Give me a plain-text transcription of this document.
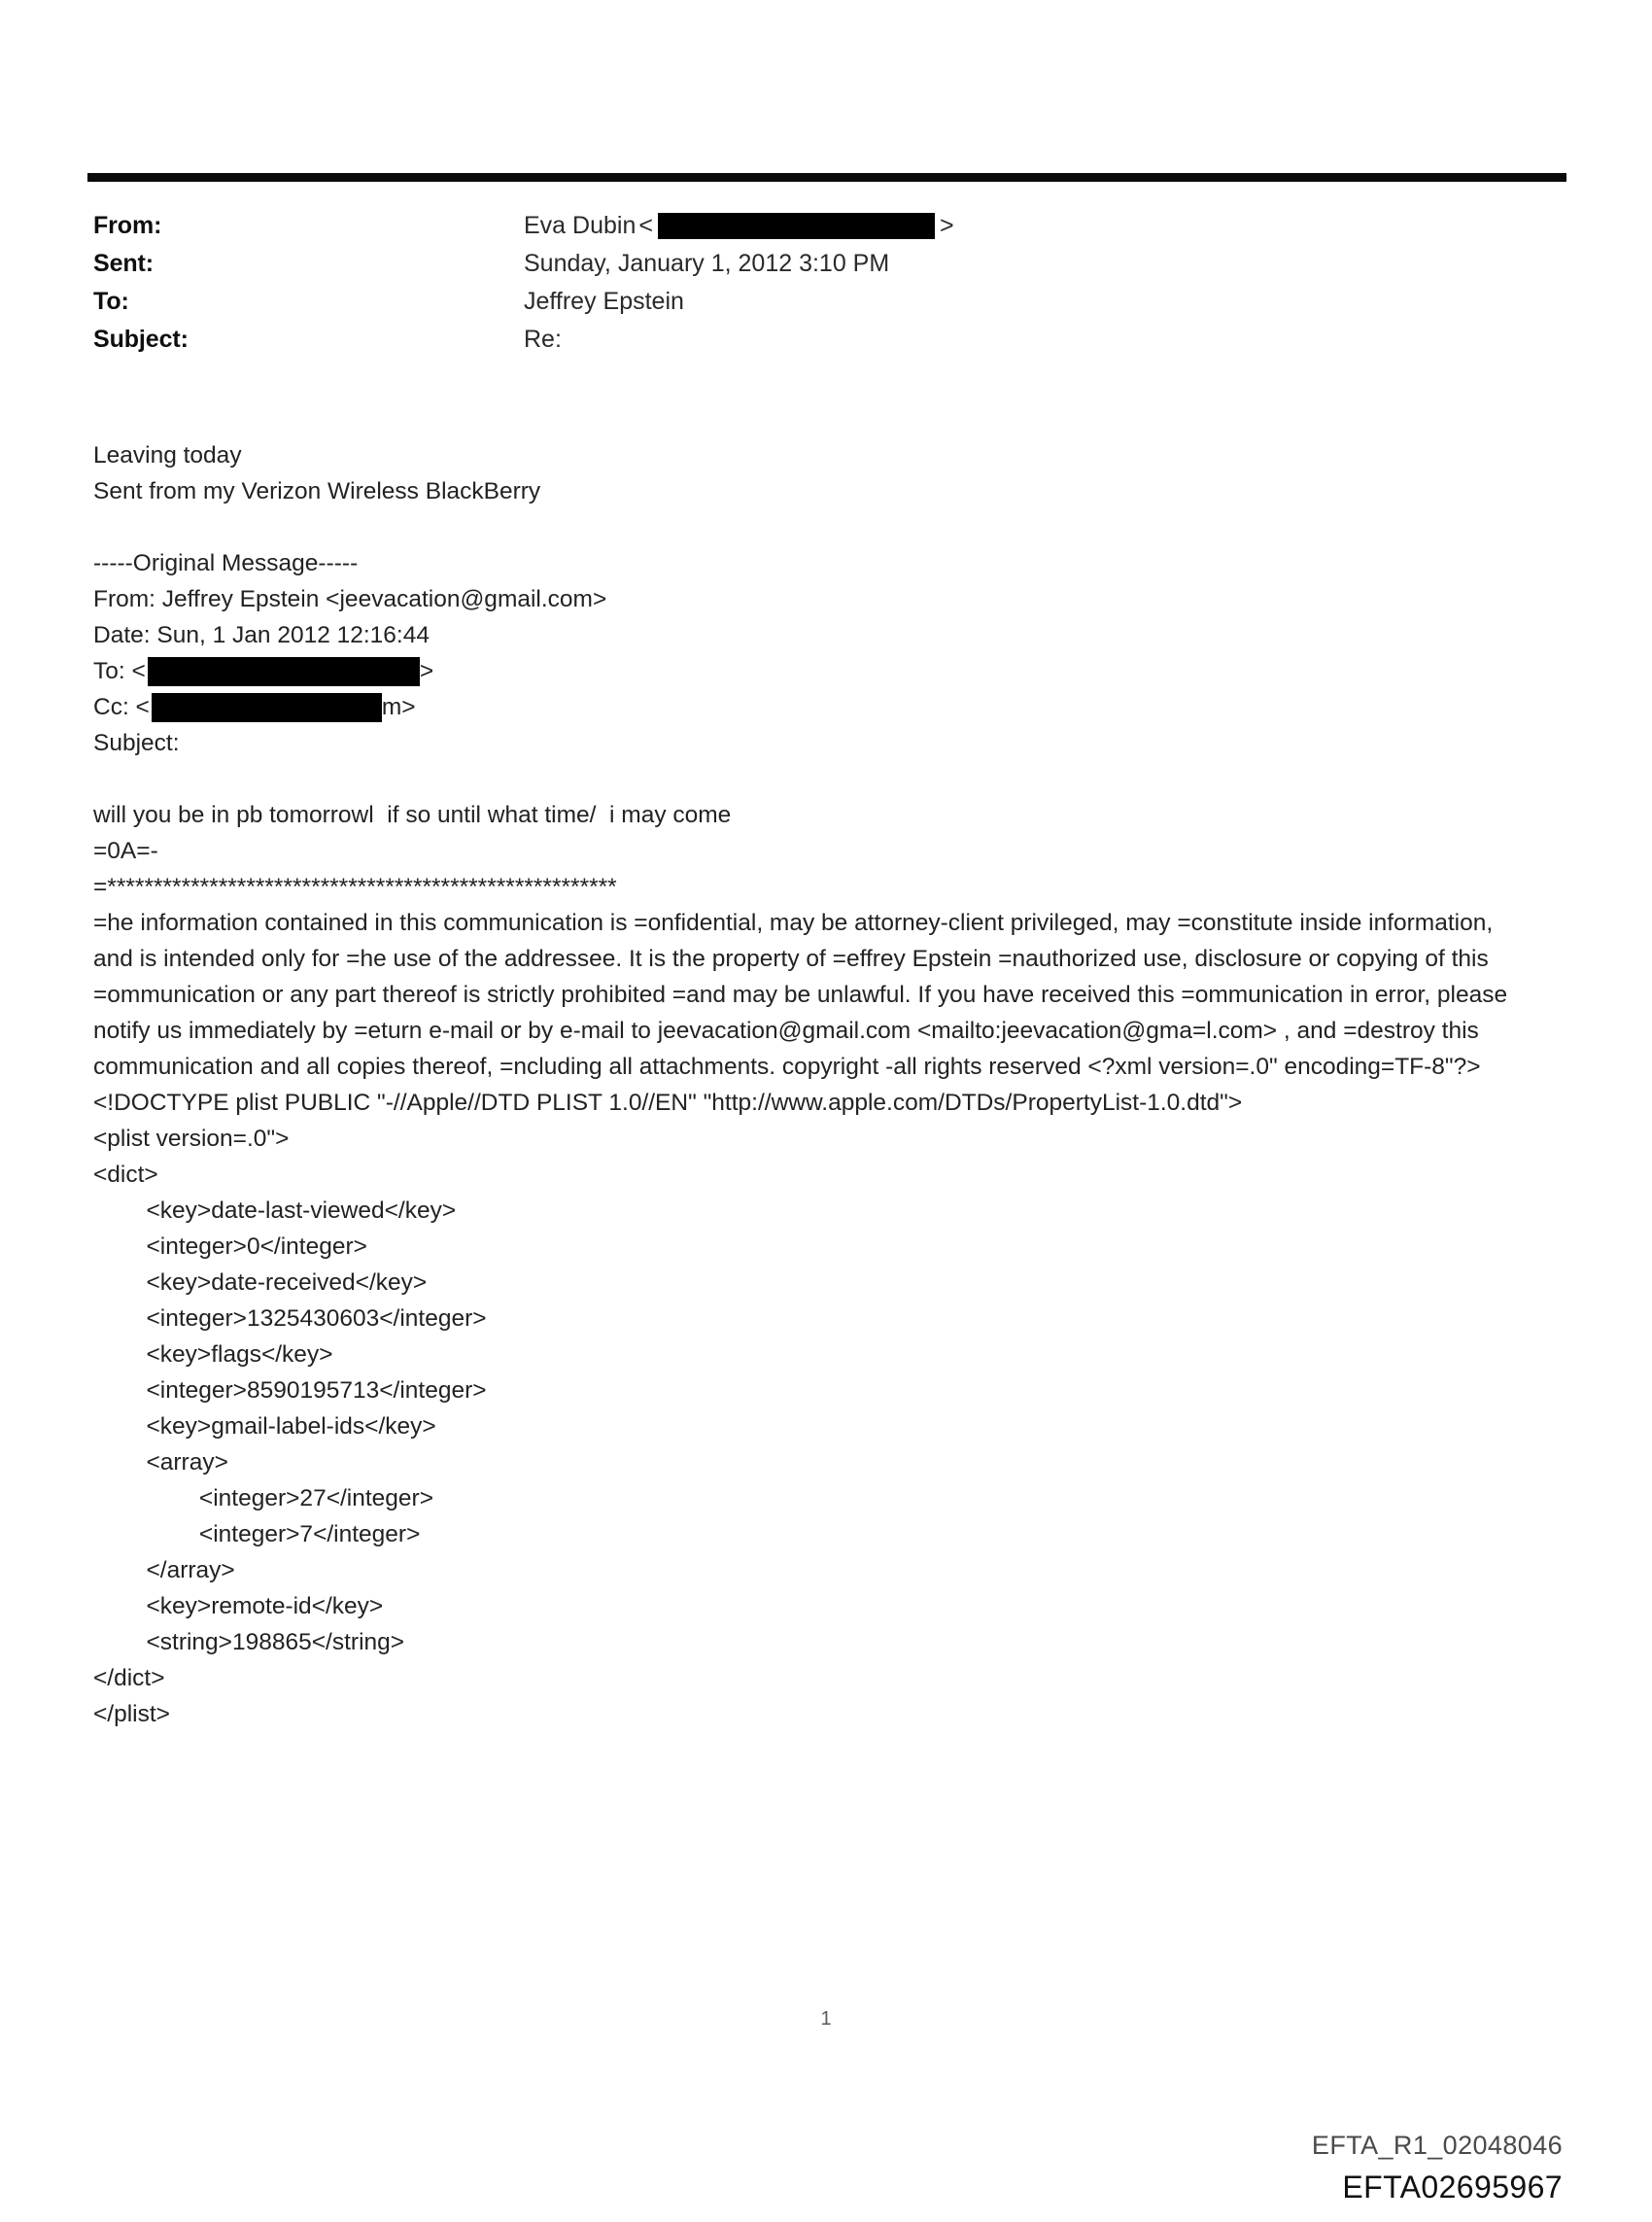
From:	Eva Dubin <	>
Sent:	Sunday, January 1, 2012 3:10 PM
To:	Jeffrey Epstein
Subject:	Re:
Leaving today
Sent from my Verizon Wireless BlackBerry
-----Original Message-----
From: Jeffrey Epstein <jeevacation@gmail.com>
Date: Sun, 1 Jan 2012 12:16:44
To: <	>
Cc: <	m>
Subject:
will you be in pb tomorrowl  if so until what time/  i may come
=0A=-
=*******************************************************

=he information contained in this communication is =onfidential, may be attorney-client privileged, may =constitute inside information, and is intended only for =he use of the addressee. It is the property of =effrey Epstein =nauthorized use, disclosure or copying of this =ommunication or any part thereof is strictly prohibited =and may be unlawful. If you have received this =ommunication in error, please notify us immediately by =eturn e-mail or by e-mail to jeevacation@gmail.com <mailto:jeevacation@gma=l.com> , and =destroy this communication and all copies thereof, =ncluding all attachments. copyright -all rights reserved <?xml version=.0" encoding=TF-8"?> <!DOCTYPE plist PUBLIC "-//Apple//DTD PLIST 1.0//EN" "http://www.apple.com/DTDs/PropertyList-1.0.dtd">

<plist version=.0">
<dict>
<key>date-last-viewed</key>
<integer>0</integer>
<key>date-received</key>
<integer>1325430603</integer>
<key>flags</key>
<integer>8590195713</integer>
<key>gmail-label-ids</key>
<array>
<integer>27</integer>
<integer>7</integer>
</array>
<key>remote-id</key>
<string>198865</string>
</dict>
</plist>
1
EFTA_R1_02048046
EFTA02695967
